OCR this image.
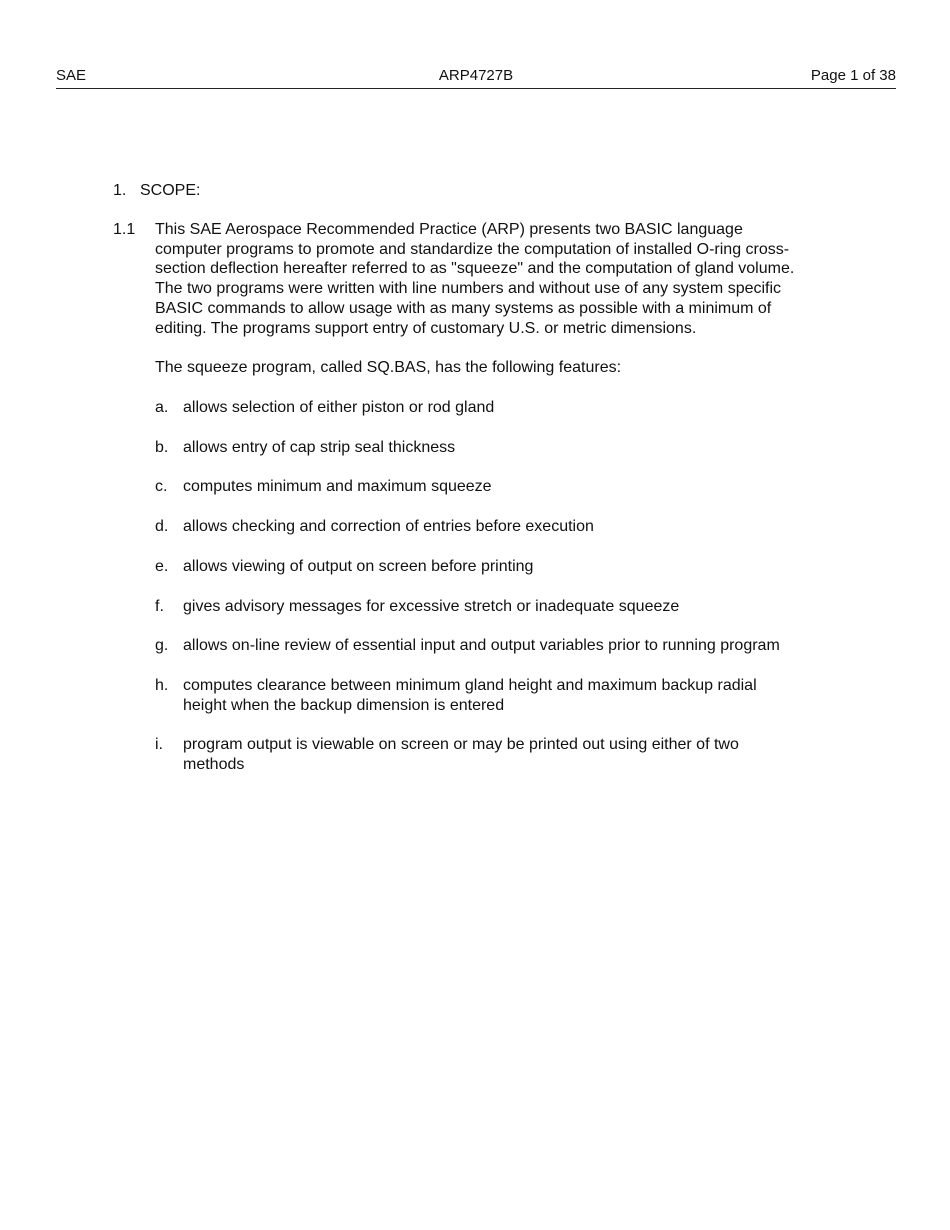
SAE	ARP4727B	Page 1 of 38
1. SCOPE:
1.1 This SAE Aerospace Recommended Practice (ARP) presents two BASIC language
computer programs to promote and standardize the computation of installed O-ring cross-
section deflection hereafter referred to as "squeeze" and the computation of gland volume.
The two programs were written with line numbers and without use of any system specific
BASIC commands to allow usage with as many systems as possible with a minimum of
editing. The programs support entry of customary U.S. or metric dimensions.
The squeeze program, called SQ.BAS, has the following features:
a. allows selection of either piston or rod gland
b. allows entry of cap strip seal thickness
c. computes minimum and maximum squeeze
d. allows checking and correction of entries before execution
e. allows viewing of output on screen before printing
f. gives advisory messages for excessive stretch or inadequate squeeze
g. allows on-line review of essential input and output variables prior to running program
h. computes clearance between minimum gland height and maximum backup radial
height when the backup dimension is entered
i. program output is viewable on screen or may be printed out using either of two
methods
